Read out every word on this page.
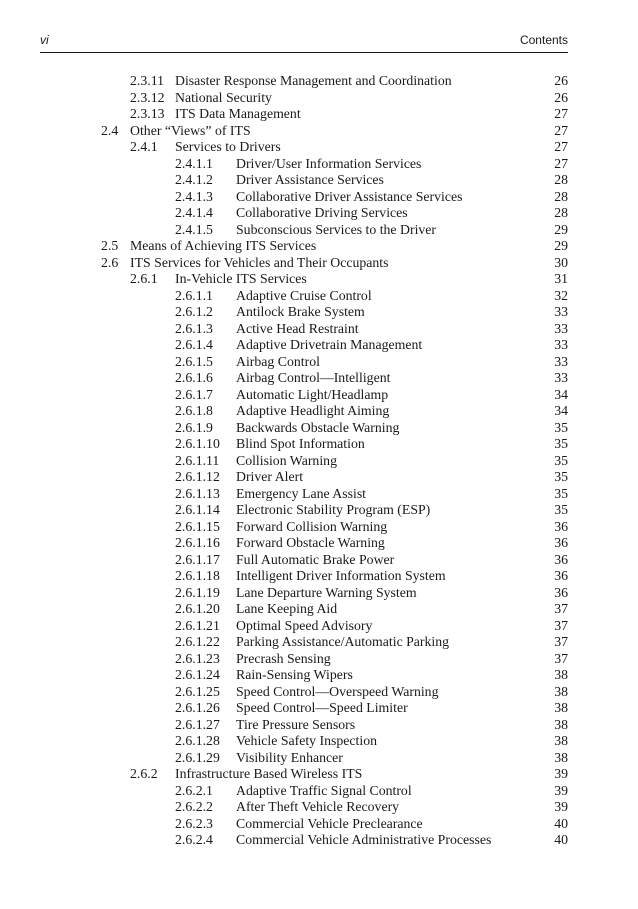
vi	Contents
2.3.11 Disaster Response Management and Coordination	26
2.3.12 National Security	26
2.3.13 ITS Data Management	27
2.4 Other “Views” of ITS	27
2.4.1 Services to Drivers	27
2.4.1.1 Driver/User Information Services	27
2.4.1.2 Driver Assistance Services	28
2.4.1.3 Collaborative Driver Assistance Services	28
2.4.1.4 Collaborative Driving Services	28
2.4.1.5 Subconscious Services to the Driver	29
2.5 Means of Achieving ITS Services	29
2.6 ITS Services for Vehicles and Their Occupants	30
2.6.1 In-Vehicle ITS Services	31
2.6.1.1 Adaptive Cruise Control	32
2.6.1.2 Antilock Brake System	33
2.6.1.3 Active Head Restraint	33
2.6.1.4 Adaptive Drivetrain Management	33
2.6.1.5 Airbag Control	33
2.6.1.6 Airbag Control—Intelligent	33
2.6.1.7 Automatic Light/Headlamp	34
2.6.1.8 Adaptive Headlight Aiming	34
2.6.1.9 Backwards Obstacle Warning	35
2.6.1.10 Blind Spot Information	35
2.6.1.11 Collision Warning	35
2.6.1.12 Driver Alert	35
2.6.1.13 Emergency Lane Assist	35
2.6.1.14 Electronic Stability Program (ESP)	35
2.6.1.15 Forward Collision Warning	36
2.6.1.16 Forward Obstacle Warning	36
2.6.1.17 Full Automatic Brake Power	36
2.6.1.18 Intelligent Driver Information System	36
2.6.1.19 Lane Departure Warning System	36
2.6.1.20 Lane Keeping Aid	37
2.6.1.21 Optimal Speed Advisory	37
2.6.1.22 Parking Assistance/Automatic Parking	37
2.6.1.23 Precrash Sensing	37
2.6.1.24 Rain-Sensing Wipers	38
2.6.1.25 Speed Control—Overspeed Warning	38
2.6.1.26 Speed Control—Speed Limiter	38
2.6.1.27 Tire Pressure Sensors	38
2.6.1.28 Vehicle Safety Inspection	38
2.6.1.29 Visibility Enhancer	38
2.6.2 Infrastructure Based Wireless ITS	39
2.6.2.1 Adaptive Traffic Signal Control	39
2.6.2.2 After Theft Vehicle Recovery	39
2.6.2.3 Commercial Vehicle Preclearance	40
2.6.2.4 Commercial Vehicle Administrative Processes	40
